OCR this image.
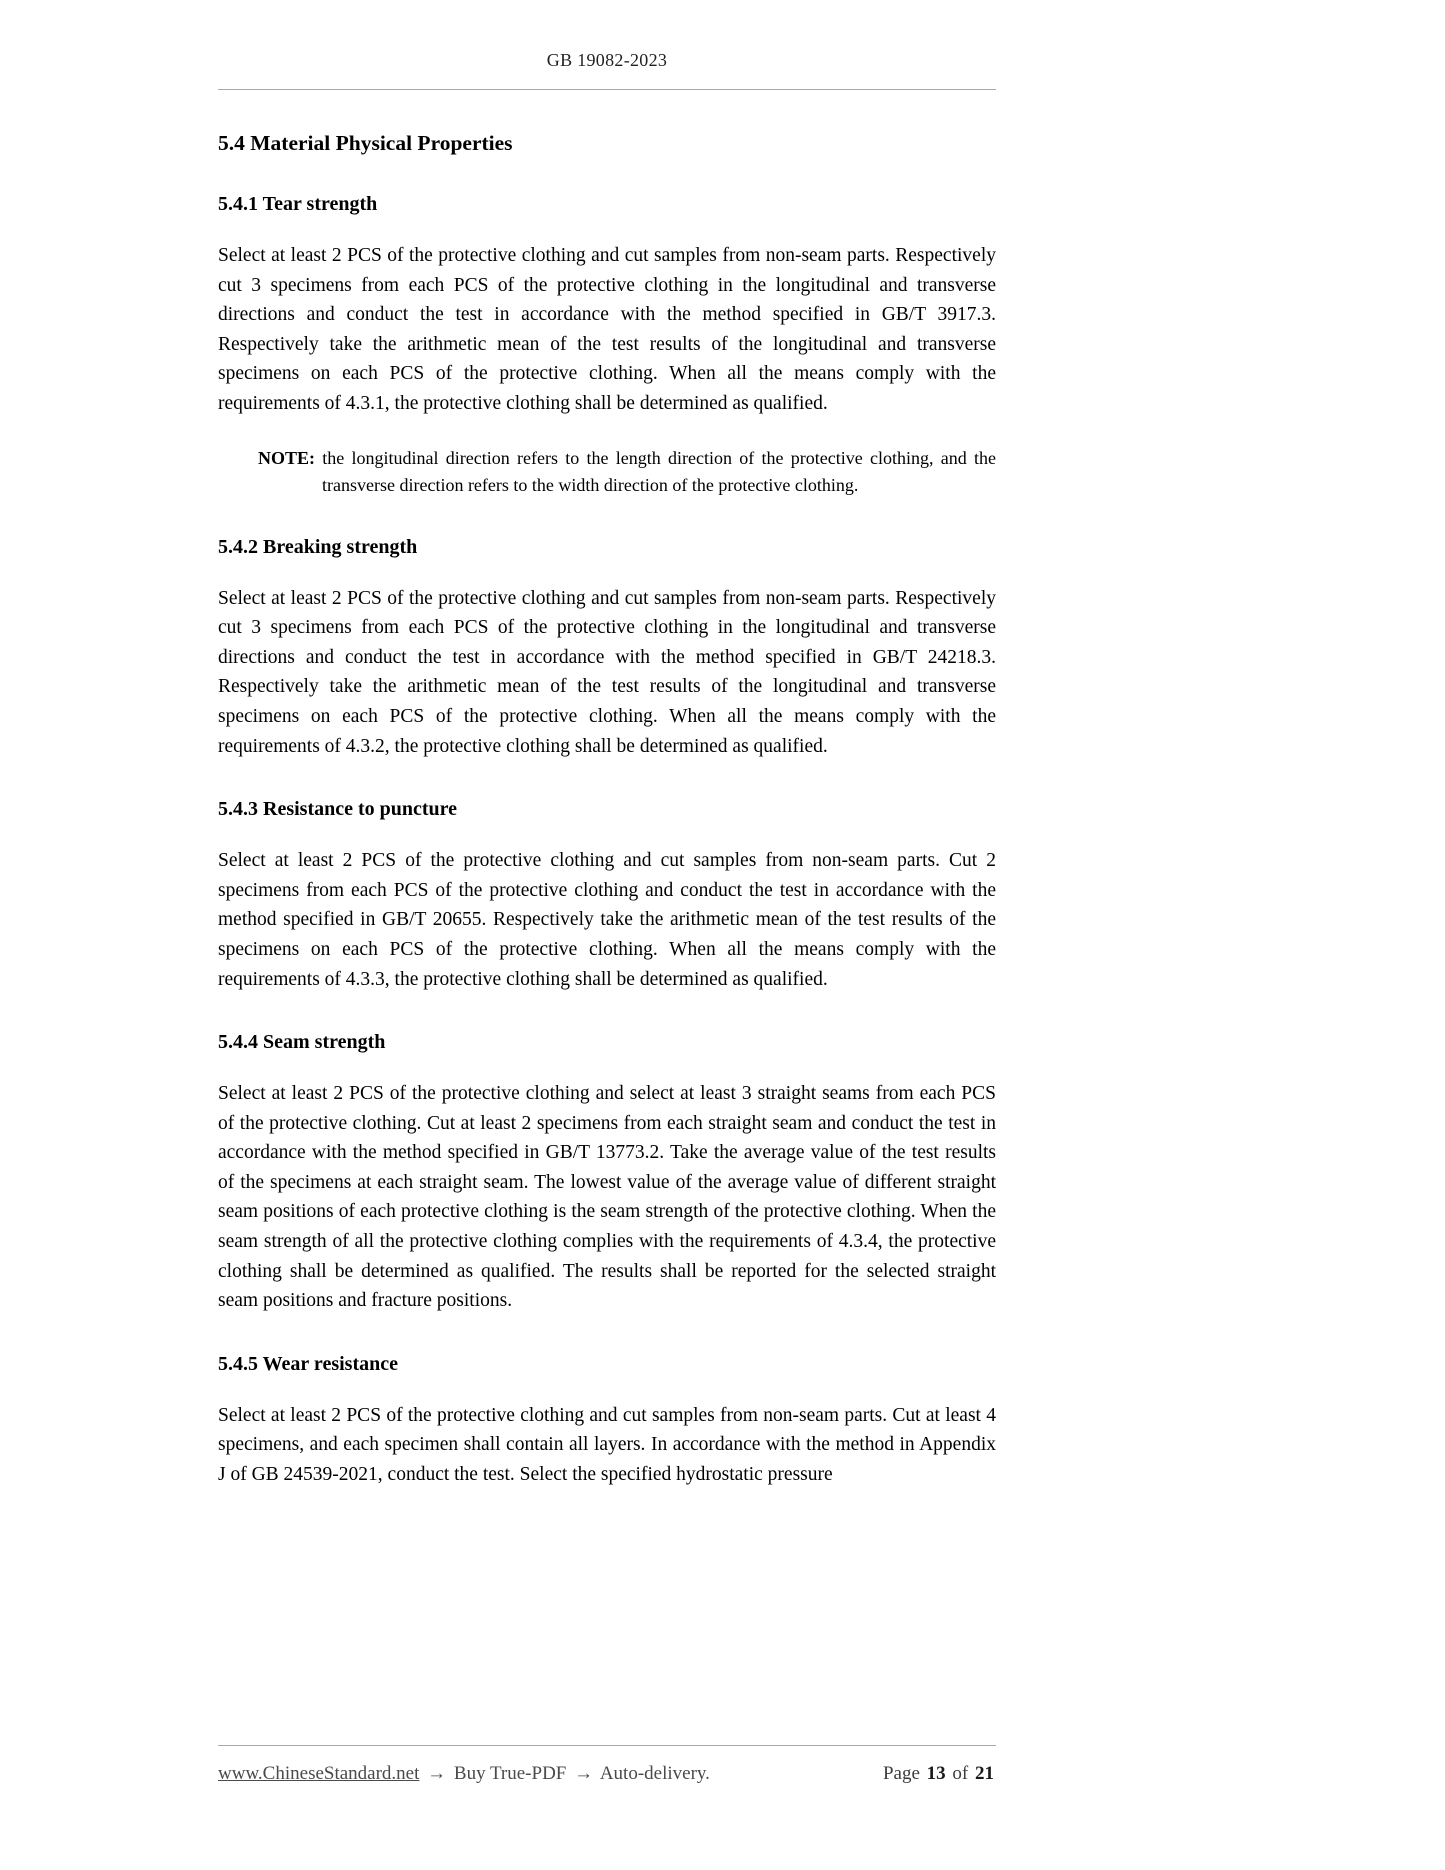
GB 19082-2023
5.4 Material Physical Properties
5.4.1 Tear strength

Select at least 2 PCS of the protective clothing and cut samples from non-seam parts. Respectively cut 3 specimens from each PCS of the protective clothing in the longitudinal and transverse directions and conduct the test in accordance with the method specified in GB/T 3917.3. Respectively take the arithmetic mean of the test results of the longitudinal and transverse specimens on each PCS of the protective clothing. When all the means comply with the requirements of 4.3.1, the protective clothing shall be determined as qualified.

NOTE: the longitudinal direction refers to the length direction of the protective clothing, and the transverse direction refers to the width direction of the protective clothing.

5.4.2 Breaking strength

Select at least 2 PCS of the protective clothing and cut samples from non-seam parts. Respectively cut 3 specimens from each PCS of the protective clothing in the longitudinal and transverse directions and conduct the test in accordance with the method specified in GB/T 24218.3. Respectively take the arithmetic mean of the test results of the longitudinal and transverse specimens on each PCS of the protective clothing. When all the means comply with the requirements of 4.3.2, the protective clothing shall be determined as qualified.

5.4.3 Resistance to puncture

Select at least 2 PCS of the protective clothing and cut samples from non-seam parts. Cut 2 specimens from each PCS of the protective clothing and conduct the test in accordance with the method specified in GB/T 20655. Respectively take the arithmetic mean of the test results of the specimens on each PCS of the protective clothing. When all the means comply with the requirements of 4.3.3, the protective clothing shall be determined as qualified.

5.4.4 Seam strength

Select at least 2 PCS of the protective clothing and select at least 3 straight seams from each PCS of the protective clothing. Cut at least 2 specimens from each straight seam and conduct the test in accordance with the method specified in GB/T 13773.2. Take the average value of the test results of the specimens at each straight seam. The lowest value of the average value of different straight seam positions of each protective clothing is the seam strength of the protective clothing. When the seam strength of all the protective clothing complies with the requirements of 4.3.4, the protective clothing shall be determined as qualified. The results shall be reported for the selected straight seam positions and fracture positions.

5.4.5 Wear resistance

Select at least 2 PCS of the protective clothing and cut samples from non-seam parts. Cut at least 4 specimens, and each specimen shall contain all layers. In accordance with the method in Appendix J of GB 24539-2021, conduct the test. Select the specified hydrostatic pressure

www.ChineseStandard.net → Buy True-PDF → Auto-delivery.	Page 13 of 21
